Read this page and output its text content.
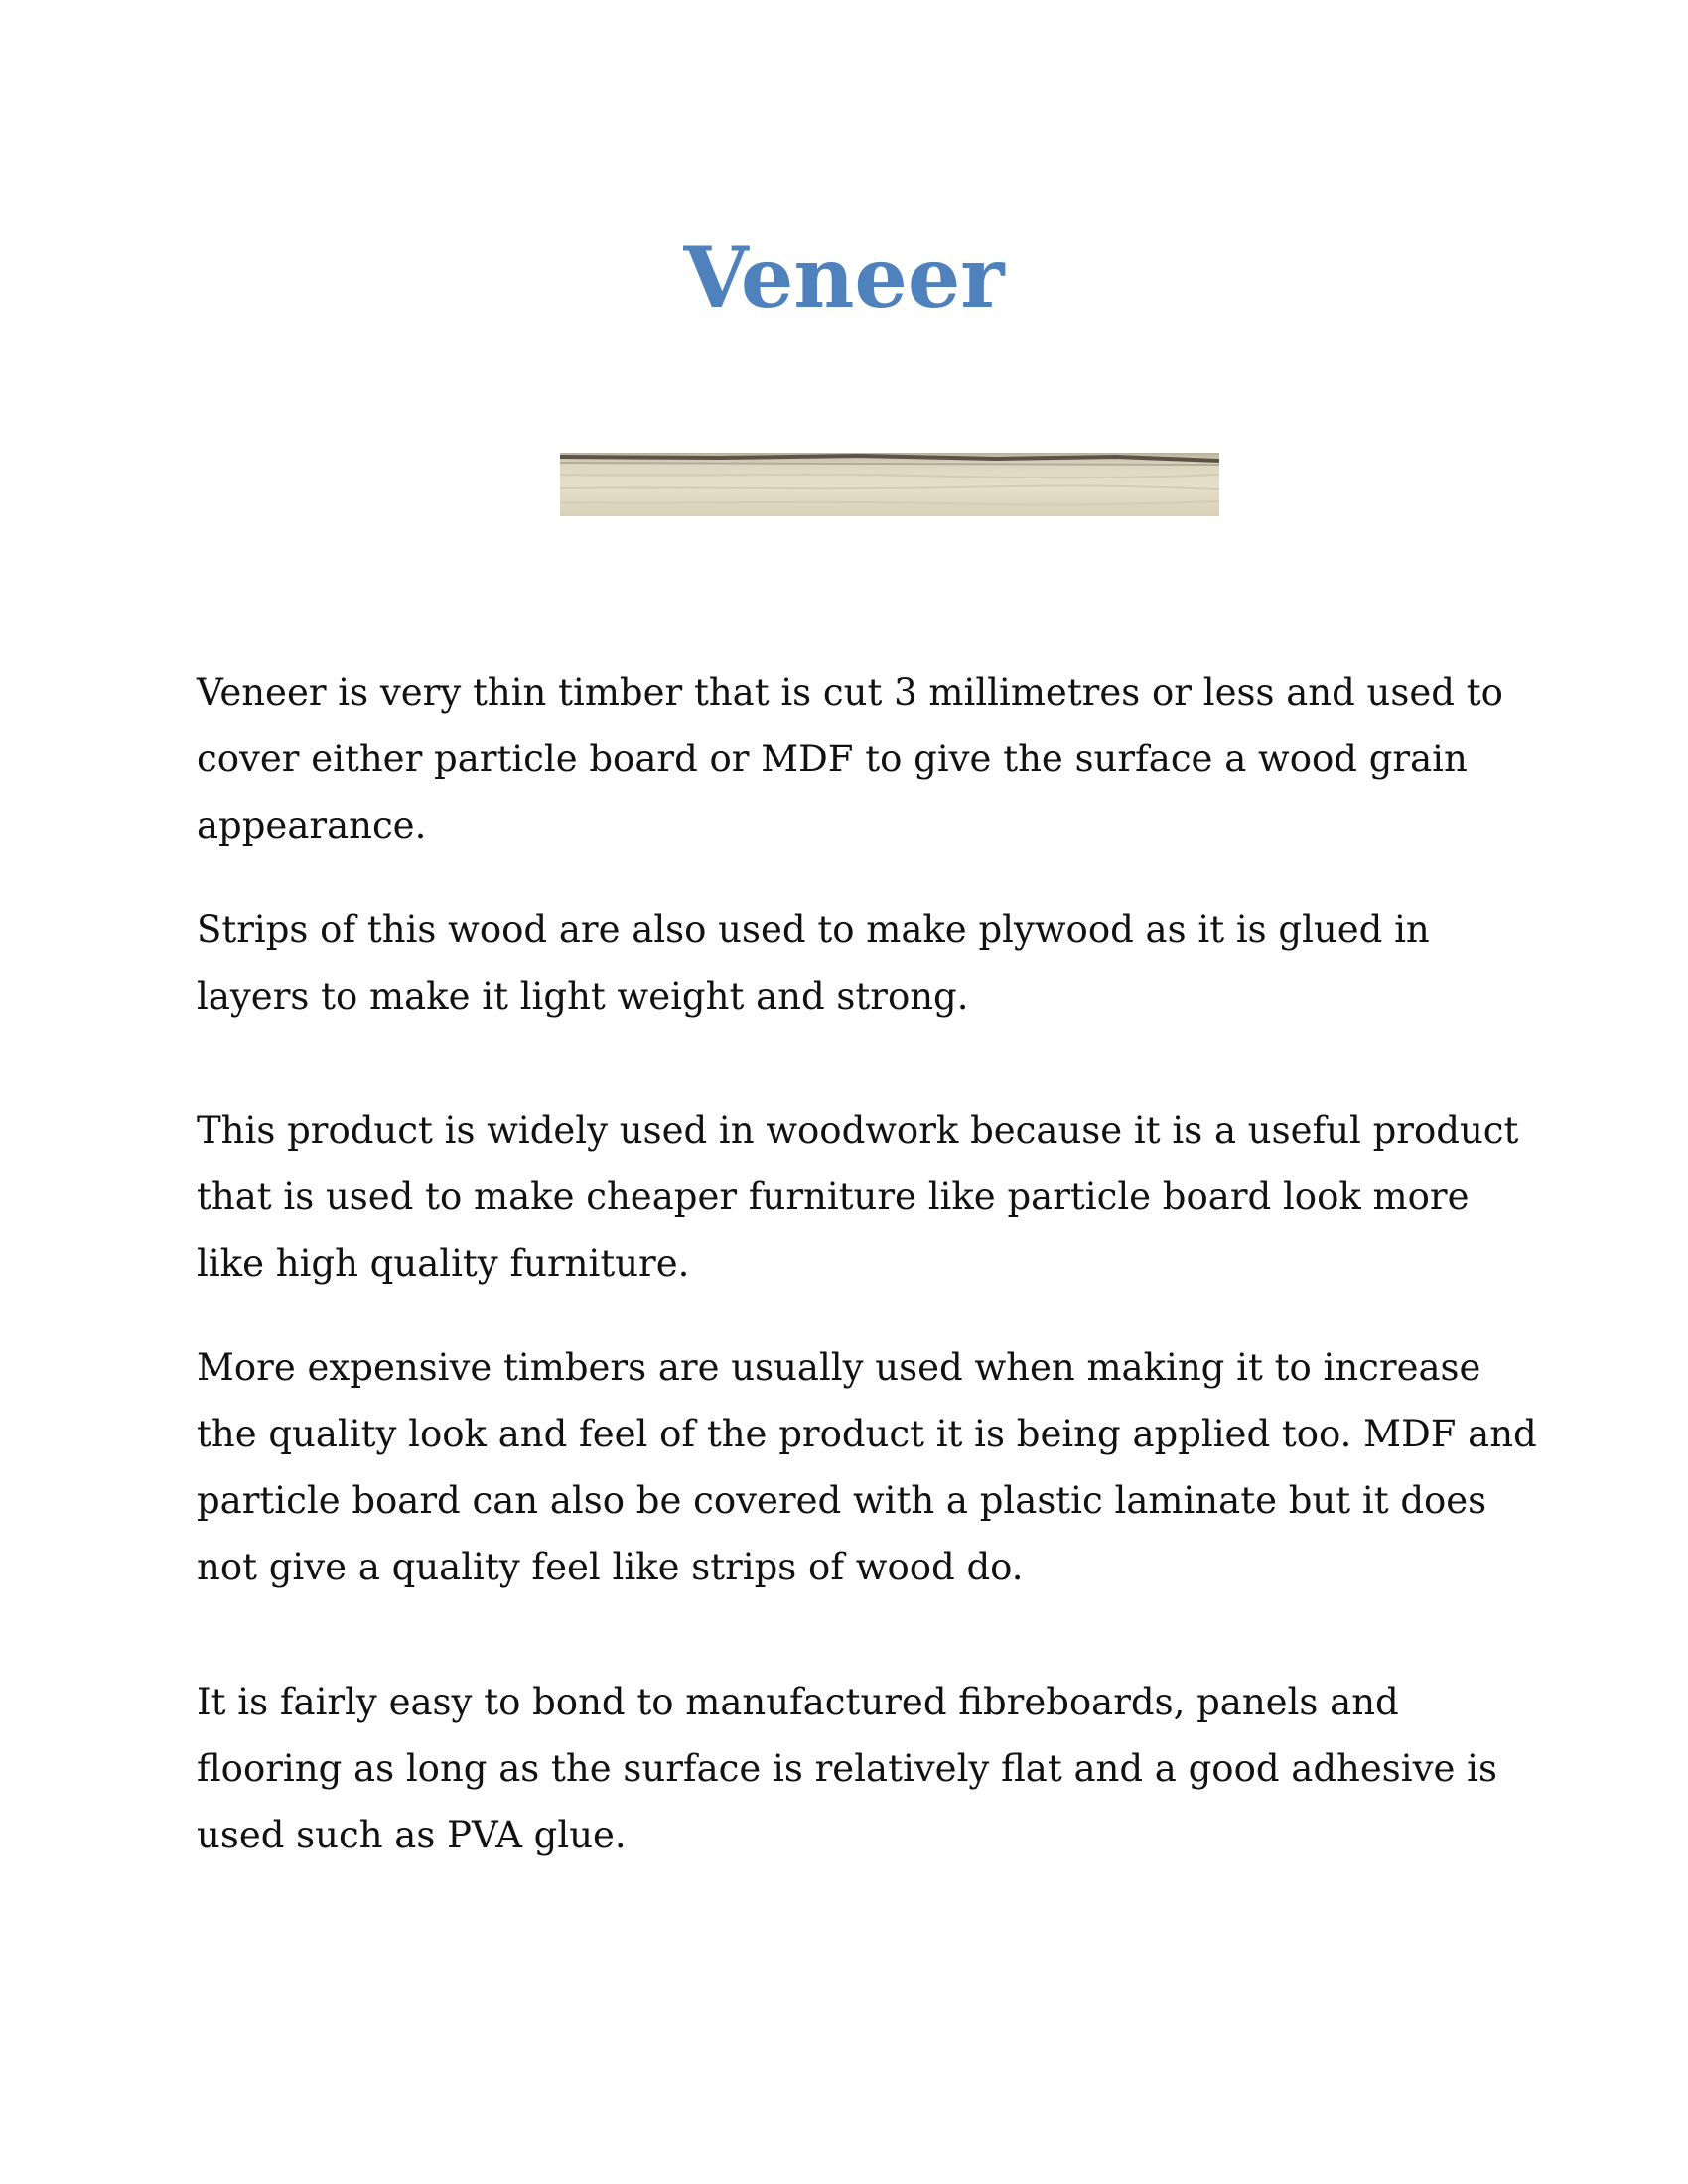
Veneer

Veneer is very thin timber that is cut 3 millimetres or less and used to
cover either particle board or MDF to give the surface a wood grain
appearance.

Strips of this wood are also used to make plywood as it is glued in
layers to make it light weight and strong.

This product is widely used in woodwork because it is a useful product
that is used to make cheaper furniture like particle board look more
like high quality furniture.

More expensive timbers are usually used when making it to increase
the quality look and feel of the product it is being applied too. MDF and
particle board can also be covered with a plastic laminate but it does
not give a quality feel like strips of wood do.

It is fairly easy to bond to manufactured fibreboards, panels and
flooring as long as the surface is relatively flat and a good adhesive is
used such as PVA glue.
